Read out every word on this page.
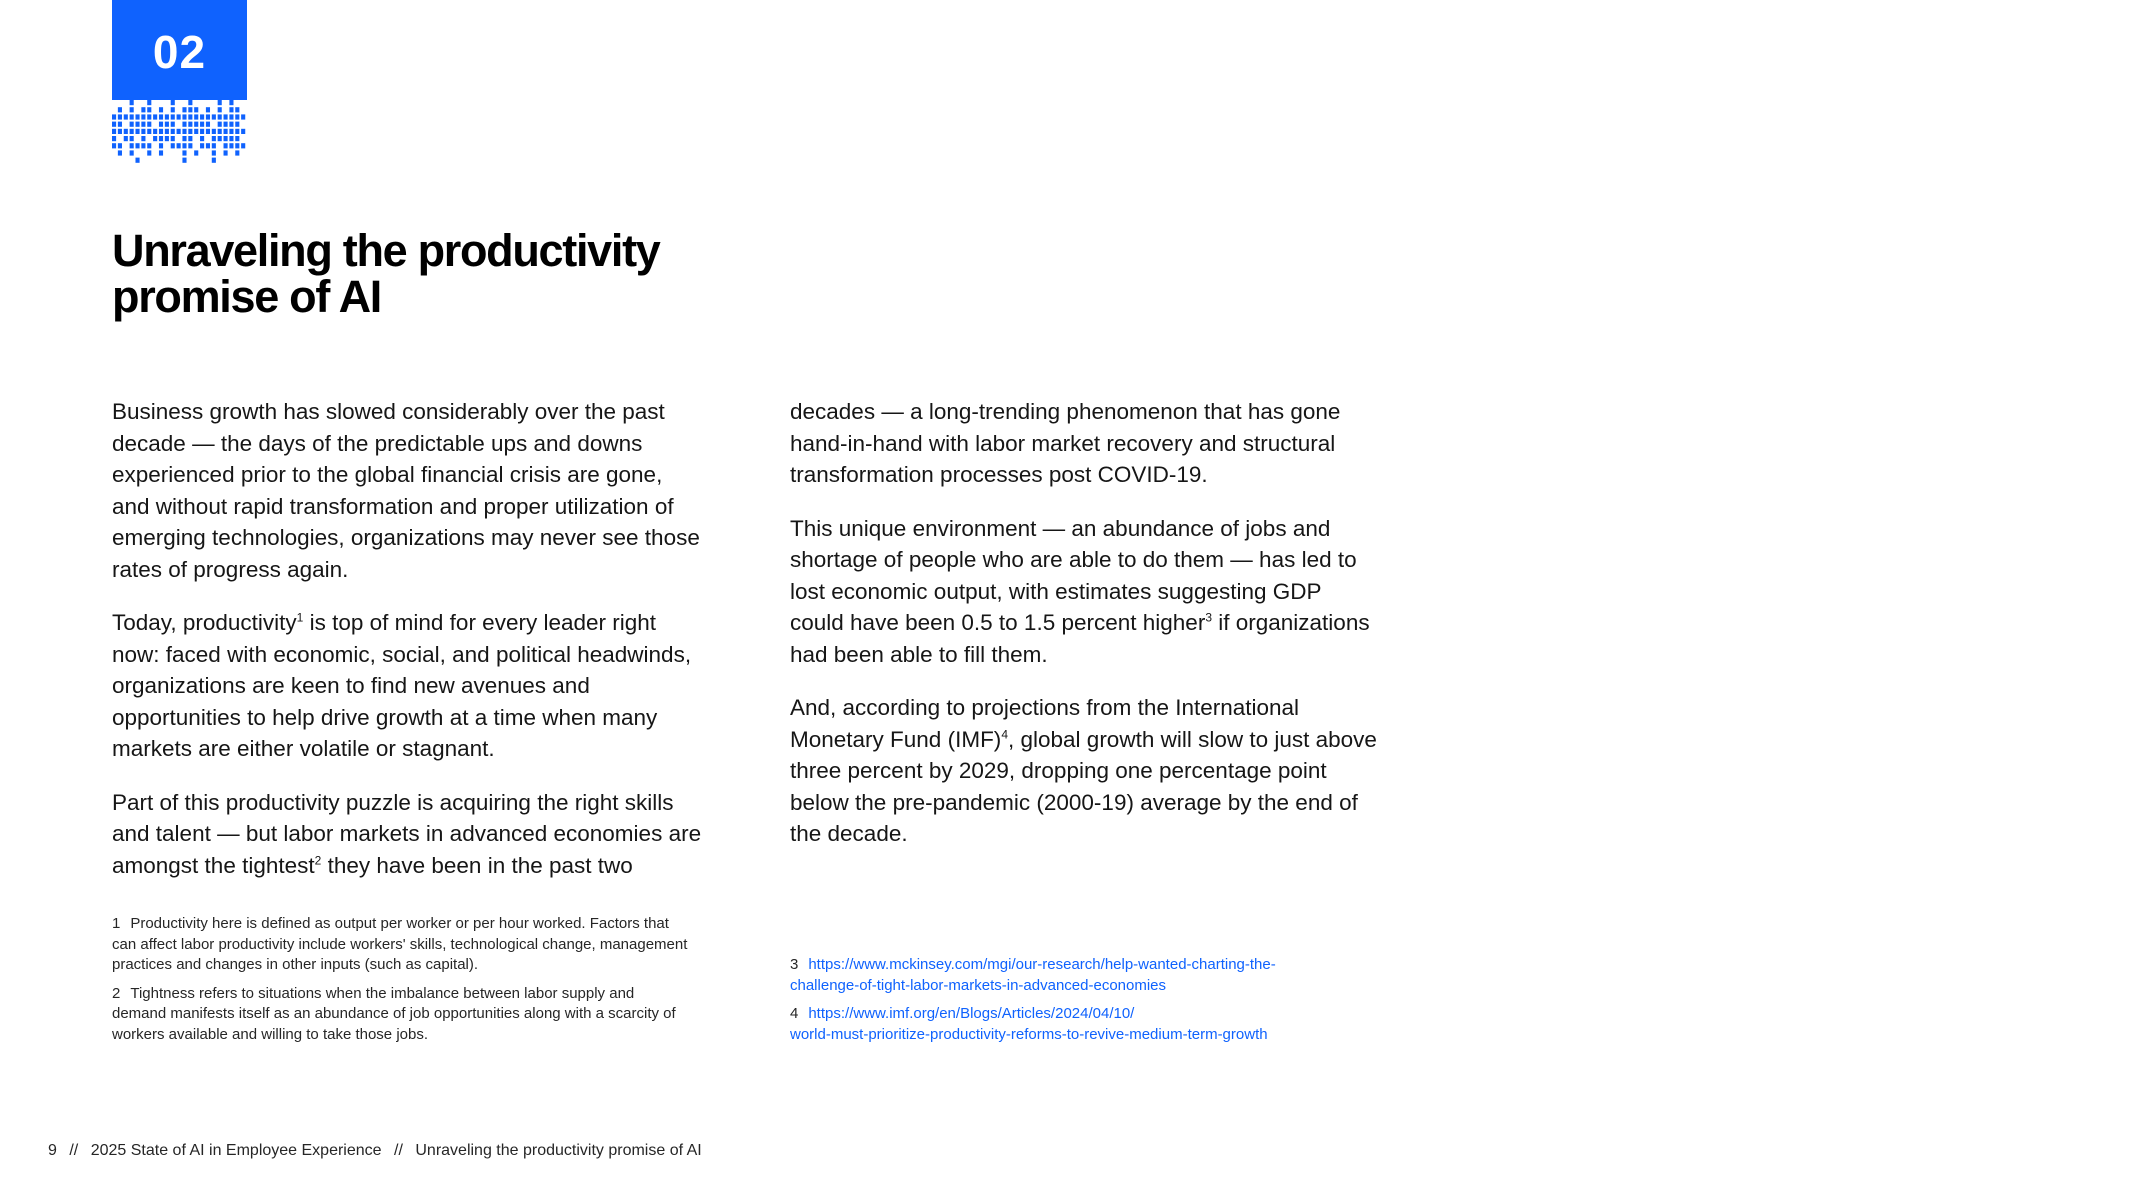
02
Unraveling the productivity
promise of AI

Business growth has slowed considerably over the past decade — the days of the predictable ups and downs experienced prior to the global financial crisis are gone, and without rapid transformation and proper utilization of emerging technologies, organizations may never see those rates of progress again.

Today, productivity$^1$ is top of mind for every leader right now: faced with economic, social, and political headwinds, organizations are keen to find new avenues and opportunities to help drive growth at a time when many markets are either volatile or stagnant.

Part of this productivity puzzle is acquiring the right skills and talent — but labor markets in advanced economies are amongst the tightest$^2$ they have been in the past two

decades — a long-trending phenomenon that has gone hand-in-hand with labor market recovery and structural transformation processes post COVID-19.

This unique environment — an abundance of jobs and shortage of people who are able to do them — has led to lost economic output, with estimates suggesting GDP could have been 0.5 to 1.5 percent higher$^3$ if organizations had been able to fill them.

And, according to projections from the International Monetary Fund (IMF)$^4$, global growth will slow to just above three percent by 2029, dropping one percentage point below the pre-pandemic (2000-19) average by the end of the decade.

1 Productivity here is defined as output per worker or per hour worked. Factors that can affect labor productivity include workers' skills, technological change, management practices and changes in other inputs (such as capital).

2 Tightness refers to situations when the imbalance between labor supply and demand manifests itself as an abundance of job opportunities along with a scarcity of workers available and willing to take those jobs.

3 https://www.mckinsey.com/mgi/our-research/help-wanted-charting-the-
challenge-of-tight-labor-markets-in-advanced-economies

4 https://www.imf.org/en/Blogs/Articles/2024/04/10/
world-must-prioritize-productivity-reforms-to-revive-medium-term-growth

9 // 2025 State of AI in Employee Experience // Unraveling the productivity promise of AI
